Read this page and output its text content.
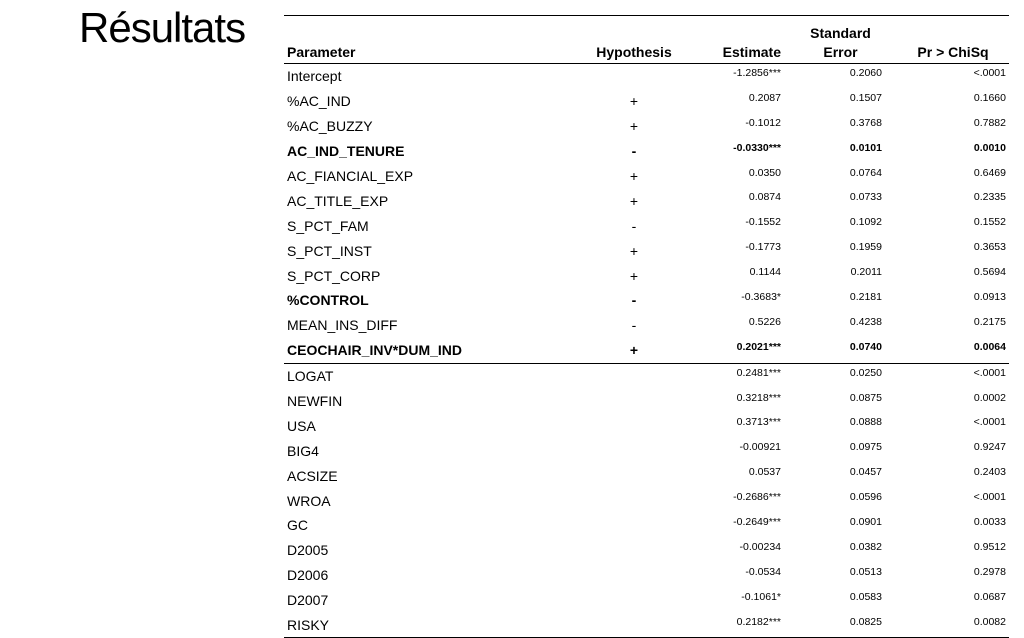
Résultats
				Standard	
Parameter	Hypothesis	Estimate	Error	Pr > ChiSq
Intercept		-1.2856***	0.2060	<.0001
%AC_IND	+	0.2087	0.1507	0.1660
%AC_BUZZY	+	-0.1012	0.3768	0.7882
AC_IND_TENURE	-	-0.0330***	0.0101	0.0010
AC_FIANCIAL_EXP	+	0.0350	0.0764	0.6469
AC_TITLE_EXP	+	0.0874	0.0733	0.2335
S_PCT_FAM	-	-0.1552	0.1092	0.1552
S_PCT_INST	+	-0.1773	0.1959	0.3653
S_PCT_CORP	+	0.1144	0.2011	0.5694
%CONTROL	-	-0.3683*	0.2181	0.0913
MEAN_INS_DIFF	-	0.5226	0.4238	0.2175
CEOCHAIR_INV*DUM_IND	+	0.2021***	0.0740	0.0064
LOGAT		0.2481***	0.0250	<.0001
NEWFIN		0.3218***	0.0875	0.0002
USA		0.3713***	0.0888	<.0001
BIG4		-0.00921	0.0975	0.9247
ACSIZE		0.0537	0.0457	0.2403
WROA		-0.2686***	0.0596	<.0001
GC		-0.2649***	0.0901	0.0033
D2005		-0.00234	0.0382	0.9512
D2006		-0.0534	0.0513	0.2978
D2007		-0.1061*	0.0583	0.0687
RISKY		0.2182***	0.0825	0.0082
